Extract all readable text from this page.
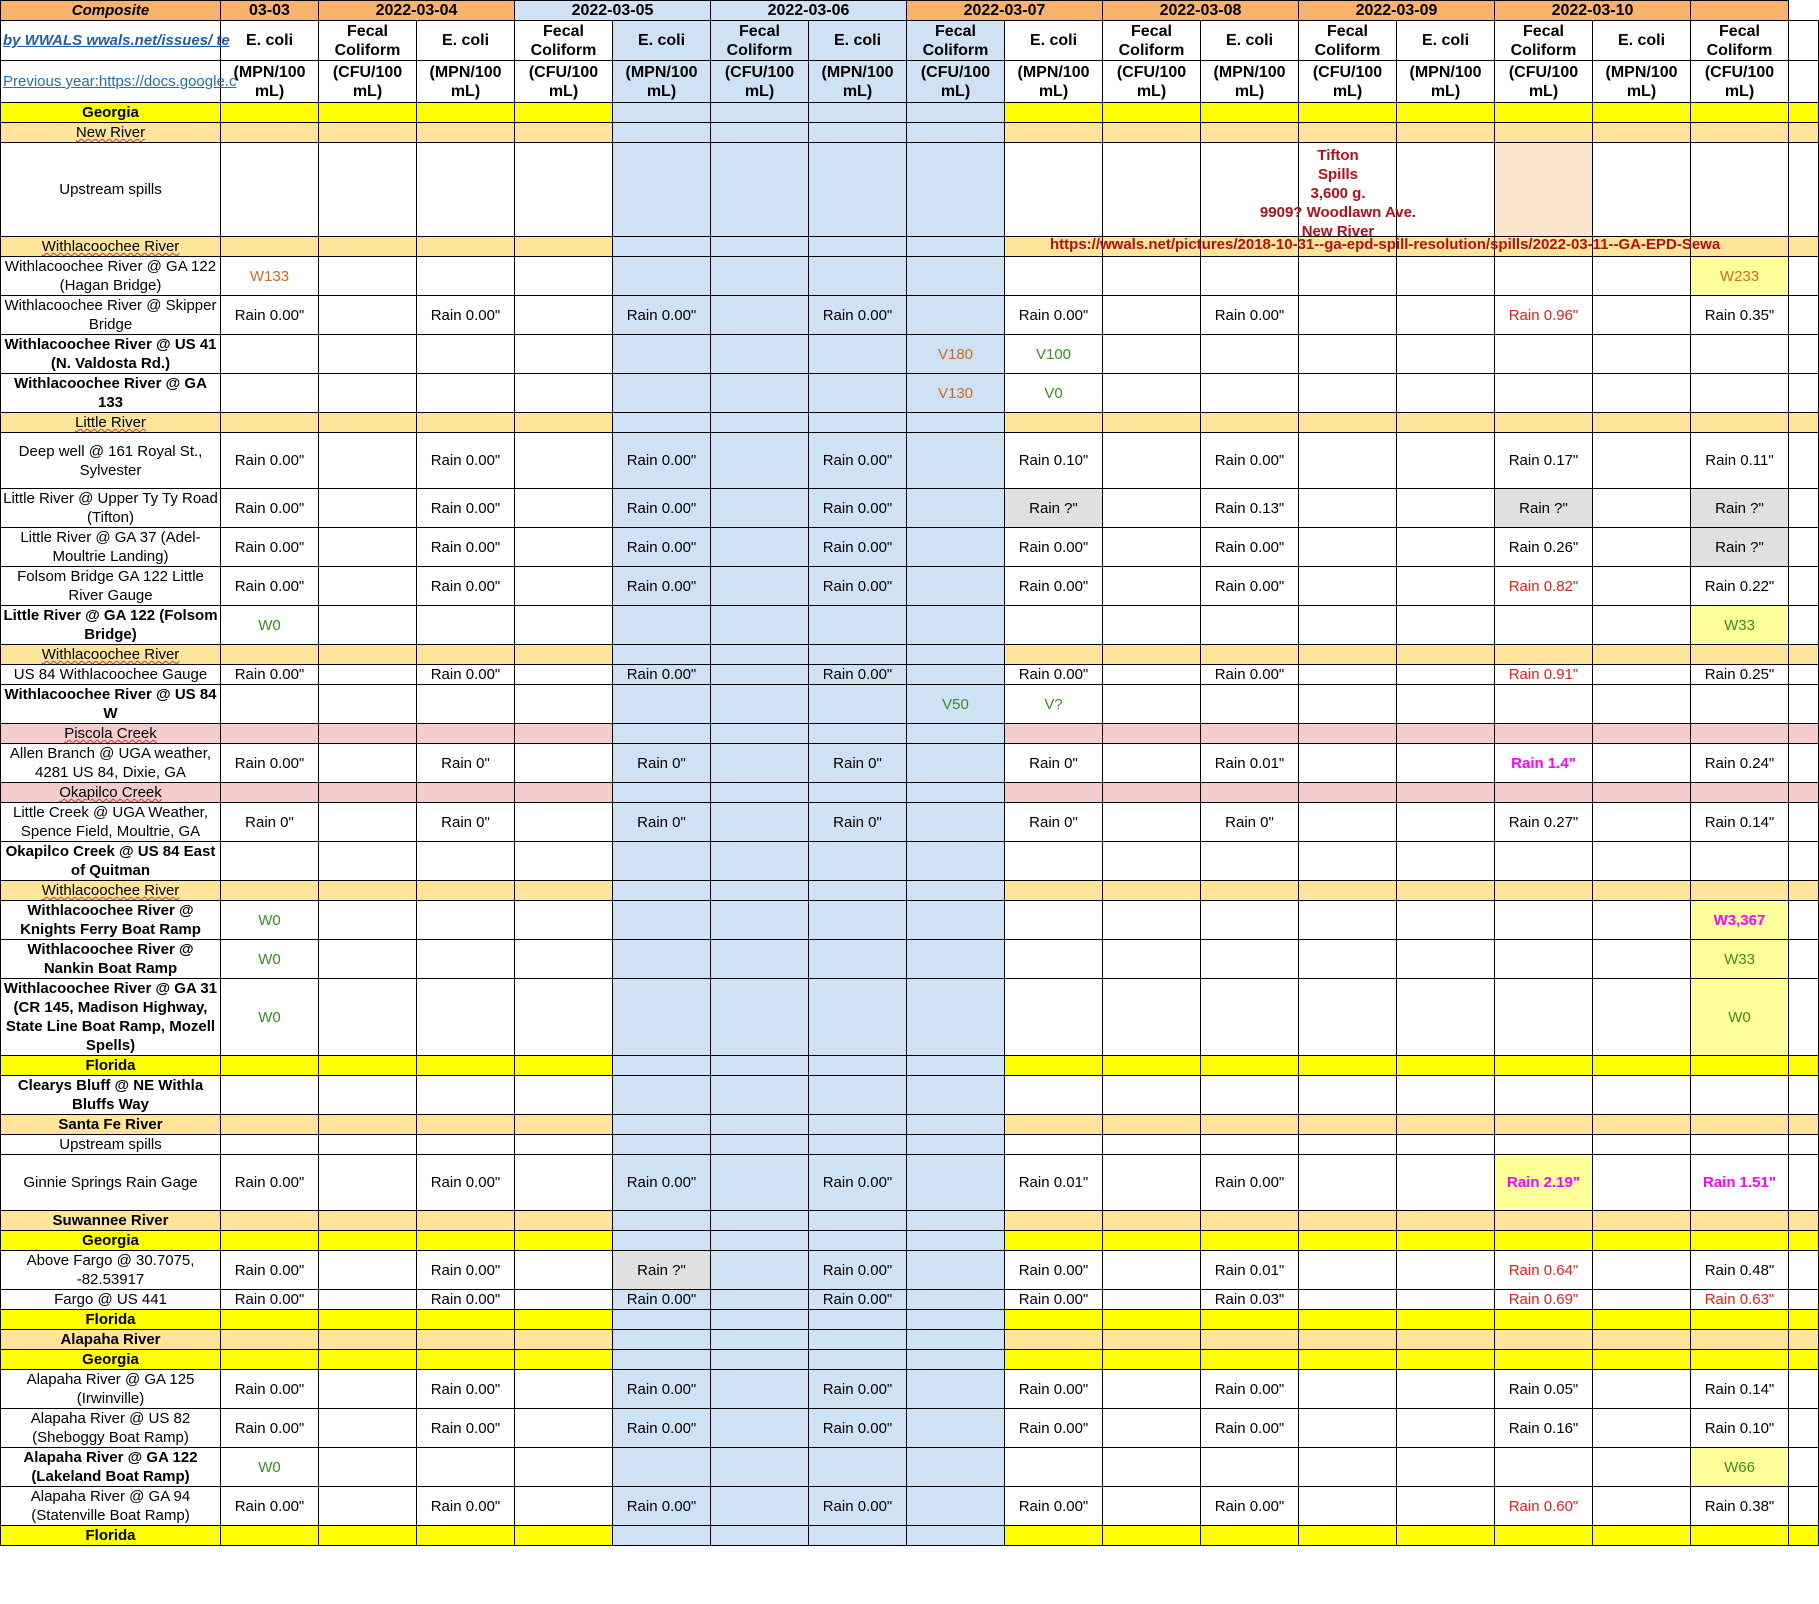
Composite	03-03	2022-03-04		2022-03-05		2022-03-06		2022-03-07		2022-03-08		2022-03-09		2022-03-10			
by WWALS wwals.net/issues/ te	E. coli	Fecal Coliform	E. coli	Fecal Coliform	E. coli	Fecal Coliform	E. coli	Fecal Coliform	E. coli	Fecal Coliform	E. coli	Fecal Coliform	E. coli	Fecal Coliform	E. coli	Fecal Coliform	
Previous year:https://docs.google.c	(MPN/100 mL)	(CFU/100 mL)	(MPN/100 mL)	(CFU/100 mL)	(MPN/100 mL)	(CFU/100 mL)	(MPN/100 mL)	(CFU/100 mL)	(MPN/100 mL)	(CFU/100 mL)	(MPN/100 mL)	(CFU/100 mL)	(MPN/100 mL)	(CFU/100 mL)	(MPN/100 mL)	(CFU/100 mL)	
Georgia																	
New River																	
Upstream spills																	
Withlacoochee River																	
Withlacoochee River @ GA 122 (Hagan Bridge)	W133															W233	
Withlacoochee River @ Skipper Bridge	Rain 0.00"		Rain 0.00"		Rain 0.00"		Rain 0.00"		Rain 0.00"		Rain 0.00"			Rain 0.96"		Rain 0.35"	
Withlacoochee River @ US 41 (N. Valdosta Rd.)								V180	V100								
Withlacoochee River @ GA 133								V130	V0								
Little River																	
Deep well @ 161 Royal St., Sylvester	Rain 0.00"		Rain 0.00"		Rain 0.00"		Rain 0.00"		Rain 0.10"		Rain 0.00"			Rain 0.17"		Rain 0.11"	
Little River @ Upper Ty Ty Road (Tifton)	Rain 0.00"		Rain 0.00"		Rain 0.00"		Rain 0.00"		Rain ?"		Rain 0.13"			Rain ?"		Rain ?"	
Little River @ GA 37 (Adel-Moultrie Landing)	Rain 0.00"		Rain 0.00"		Rain 0.00"		Rain 0.00"		Rain 0.00"		Rain 0.00"			Rain 0.26"		Rain ?"	
Folsom Bridge GA 122 Little River Gauge	Rain 0.00"		Rain 0.00"		Rain 0.00"		Rain 0.00"		Rain 0.00"		Rain 0.00"			Rain 0.82"		Rain 0.22"	
Little River @ GA 122 (Folsom Bridge)	W0															W33	
Withlacoochee River																	
US 84 Withlacoochee Gauge	Rain 0.00"		Rain 0.00"		Rain 0.00"		Rain 0.00"		Rain 0.00"		Rain 0.00"			Rain 0.91"		Rain 0.25"	
Withlacoochee River @ US 84 W								V50	V?								
Piscola Creek																	
Allen Branch @ UGA weather, 4281 US 84, Dixie, GA	Rain 0.00"		Rain 0"		Rain 0"		Rain 0"		Rain 0"		Rain 0.01"			Rain 1.4"		Rain 0.24"	
Okapilco Creek																	
Little Creek @ UGA Weather, Spence Field, Moultrie, GA	Rain 0"		Rain 0"		Rain 0"		Rain 0"		Rain 0"		Rain 0"			Rain 0.27"		Rain 0.14"	
Okapilco Creek @ US 84 East of Quitman																	
Withlacoochee River																	
Withlacoochee River @ Knights Ferry Boat Ramp	W0															W3,367	
Withlacoochee River @ Nankin Boat Ramp	W0															W33	
Withlacoochee River @ GA 31 (CR 145, Madison Highway, State Line Boat Ramp, Mozell Spells)	W0															W0	
Florida																	
Clearys Bluff @ NE Withla Bluffs Way																	
Santa Fe River																	
Upstream spills																	
Ginnie Springs Rain Gage	Rain 0.00"		Rain 0.00"		Rain 0.00"		Rain 0.00"		Rain 0.01"		Rain 0.00"			Rain 2.19"		Rain 1.51"	
Suwannee River																	
Georgia																	
Above Fargo @ 30.7075, -82.53917	Rain 0.00"		Rain 0.00"		Rain ?"		Rain 0.00"		Rain 0.00"		Rain 0.01"			Rain 0.64"		Rain 0.48"	
Fargo @ US 441	Rain 0.00"		Rain 0.00"		Rain 0.00"		Rain 0.00"		Rain 0.00"		Rain 0.03"			Rain 0.69"		Rain 0.63"	
Florida																	
Alapaha River																	
Georgia																	
Alapaha River @ GA 125 (Irwinville)	Rain 0.00"		Rain 0.00"		Rain 0.00"		Rain 0.00"		Rain 0.00"		Rain 0.00"			Rain 0.05"		Rain 0.14"	
Alapaha River @ US 82 (Sheboggy Boat Ramp)	Rain 0.00"		Rain 0.00"		Rain 0.00"		Rain 0.00"		Rain 0.00"		Rain 0.00"			Rain 0.16"		Rain 0.10"	
Alapaha River @ GA 122 (Lakeland Boat Ramp)	W0															W66	
Alapaha River @ GA 94 (Statenville Boat Ramp)	Rain 0.00"		Rain 0.00"		Rain 0.00"		Rain 0.00"		Rain 0.00"		Rain 0.00"			Rain 0.60"		Rain 0.38"	
Florida																	
Tifton Spills
3,600 g.
9909? Woodlawn Ave.
New River
https://wwals.net/pictures/2018-10-31--ga-epd-spill-resolution/spills/2022-03-11--GA-EPD-Sewa
